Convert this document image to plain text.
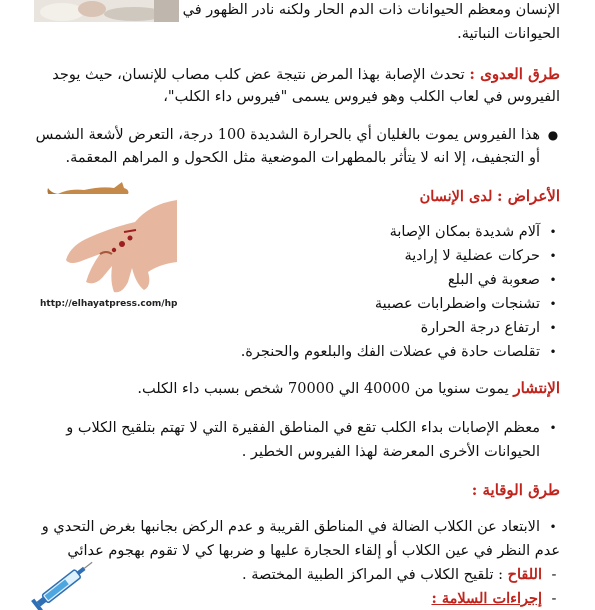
الإنسان ومعظم الحيوانات ذات الدم الحار ولكنه نادر الظهور في
الحيوانات النباتية.
طرق العدوى : تحدث الإصابة بهذا المرض نتيجة عض كلب مصاب للإنسان، حيث يوجد
الفيروس في لعاب الكلب وهو فيروس يسمى "فيروس داء الكلب"،
●هذا الفيروس يموت بالغليان أي بالحرارة الشديدة 100 درجة، التعرض لأشعة الشمس
أو التجفيف، إلا انه لا يتأثر بالمطهرات الموضعية مثل الكحول و المراهم المعقمة.
الأعراض : لدى الإنسان
http://elhayatpress.com/hp
•آلام شديدة بمكان الإصابة
•حركات عضلية لا إرادية
•صعوبة في البلع
•تشنجات واضطرابات عصبية
•ارتفاع درجة الحرارة
•تقلصات حادة في عضلات الفك والبلعوم والحنجرة.
الإنتشار يموت سنويا من 40000 الي 70000 شخص بسبب داء الكلب.
•معظم الإصابات بداء الكلب تقع في المناطق الفقيرة التي لا تهتم بتلقيح الكلاب و
الحيوانات الأخرى المعرضة لهذا الفيروس الخطير .
طرق الوقاية :
•الابتعاد عن الكلاب الضالة في المناطق القريبة و عدم الركض بجانبها بغرض التحدي و
عدم النظر في عين الكلاب أو إلقاء الحجارة عليها و ضربها كي لا تقوم بهجوم عدائي
-اللقاح : تلقيح الكلاب في المراكز الطبية المختصة .
-إجراءات السلامة :
